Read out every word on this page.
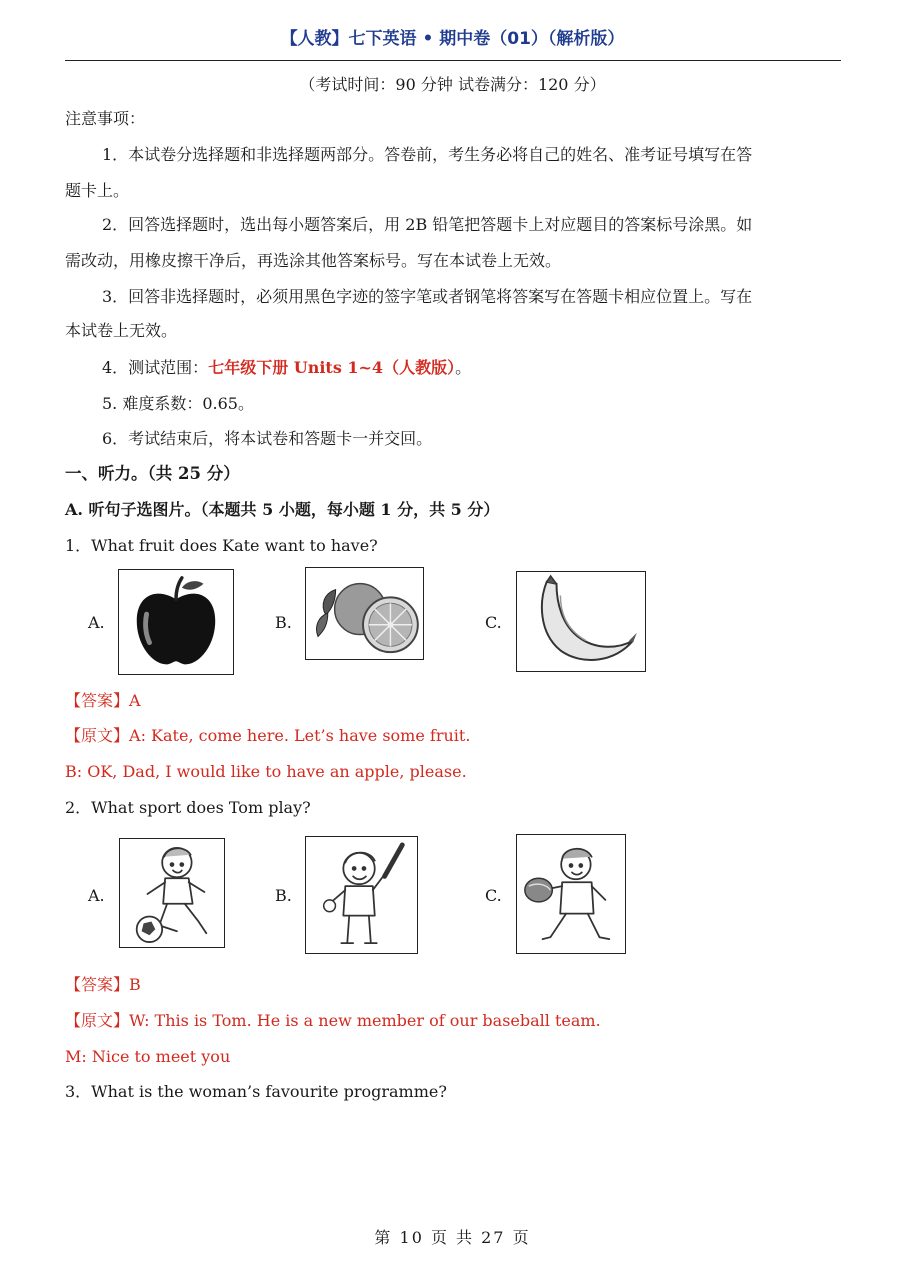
【人教】七下英语 • 期中卷（01）（解析版）
（考试时间：90 分钟 试卷满分：120 分）
注意事项：
1．本试卷分选择题和非选择题两部分。答卷前，考生务必将自己的姓名、准考证号填写在答
题卡上。
2．回答选择题时，选出每小题答案后，用 2B 铅笔把答题卡上对应题目的答案标号涂黑。如
需改动，用橡皮擦干净后，再选涂其他答案标号。写在本试卷上无效。
3．回答非选择题时，必须用黑色字迹的签字笔或者钢笔将答案写在答题卡相应位置上。写在
本试卷上无效。
4．测试范围：七年级下册 Units 1~4（人教版）。
5. 难度系数：0.65。
6．考试结束后，将本试卷和答题卡一并交回。
一、听力。（共 25 分）
A. 听句子选图片。（本题共 5 小题，每小题 1 分，共 5 分）
1．What fruit does Kate want to have?
A.	B.	C.
【答案】A
【原文】A: Kate, come here. Let’s have some fruit.
B: OK, Dad, I would like to have an apple, please.
2．What sport does Tom play?
A.	B.	C.
【答案】B
【原文】W: This is Tom. He is a new member of our baseball team.
M: Nice to meet you
3．What is the woman’s favourite programme?
第 10 页 共 27 页
